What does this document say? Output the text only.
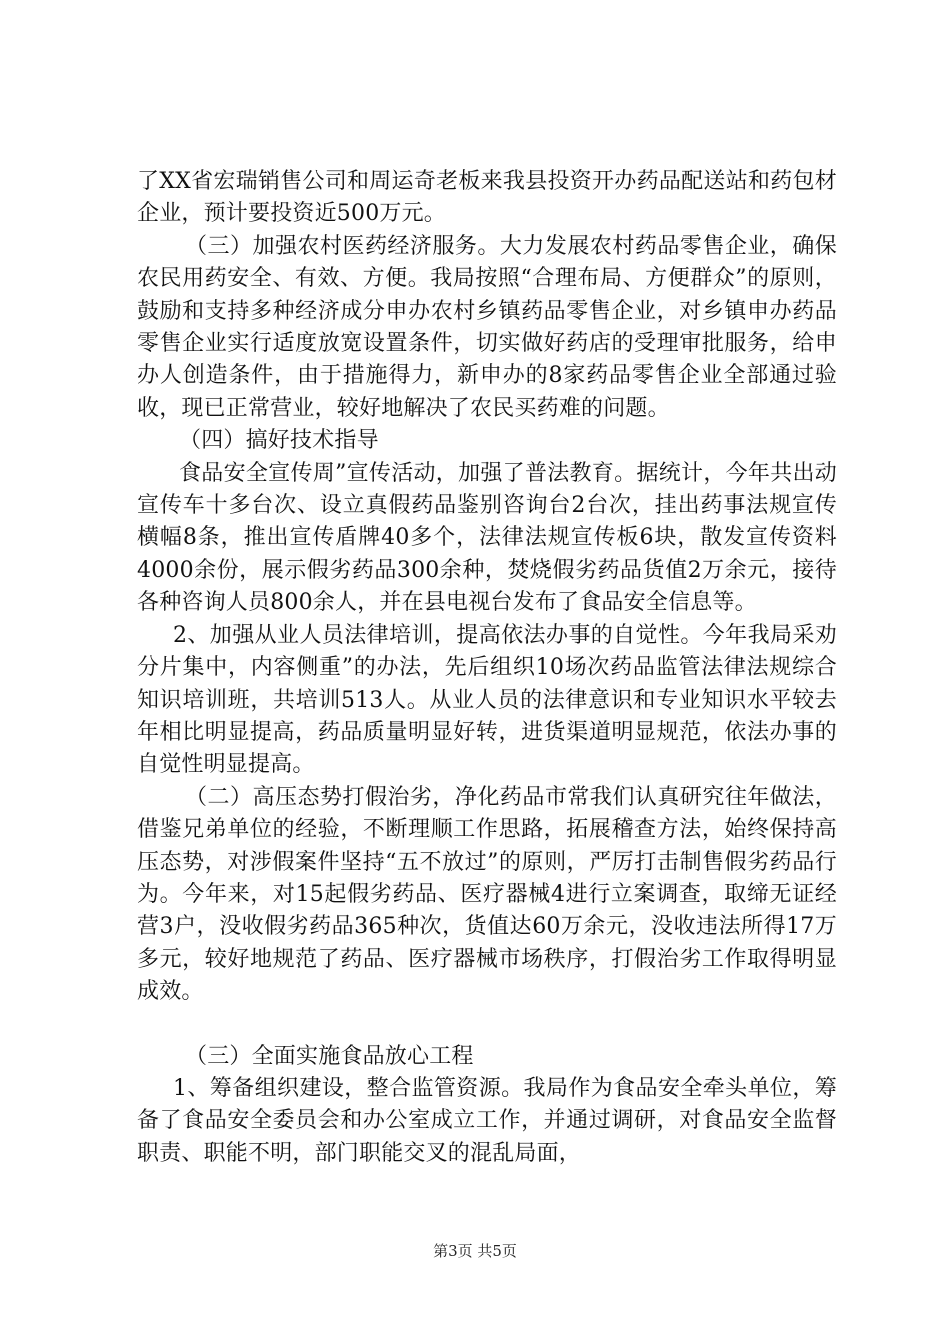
了XX省宏瑞销售公司和周运奇老板来我县投资开办药品配送站和药包材企业，预计要投资近500万元。

（三）加强农村医药经济服务。大力发展农村药品零售企业，确保农民用药安全、有效、方便。我局按照“合理布局、方便群众”的原则，鼓励和支持多种经济成分申办农村乡镇药品零售企业，对乡镇申办药品零售企业实行适度放宽设置条件，切实做好药店的受理审批服务，给申办人创造条件，由于措施得力，新申办的8家药品零售企业全部通过验收，现已正常营业，较好地解决了农民买药难的问题。

（四）搞好技术指导

食品安全宣传周”宣传活动，加强了普法教育。据统计，今年共出动宣传车十多台次、设立真假药品鉴别咨询台2台次，挂出药事法规宣传横幅8条，推出宣传盾牌40多个，法律法规宣传板6块，散发宣传资料4000余份，展示假劣药品300余种，焚烧假劣药品货值2万余元，接待各种咨询人员800余人，并在县电视台发布了食品安全信息等。

2、加强从业人员法律培训，提高依法办事的自觉性。今年我局采劝分片集中，内容侧重”的办法，先后组织10场次药品监管法律法规综合知识培训班，共培训513人。从业人员的法律意识和专业知识水平较去年相比明显提高，药品质量明显好转，进货渠道明显规范，依法办事的自觉性明显提高。

（二）高压态势打假治劣，净化药品市常我们认真研究往年做法，借鉴兄弟单位的经验，不断理顺工作思路，拓展稽查方法，始终保持高压态势，对涉假案件坚持“五不放过”的原则，严厉打击制售假劣药品行为。今年来，对15起假劣药品、医疗器械4进行立案调查，取缔无证经营3户，没收假劣药品365种次，货值达60万余元，没收违法所得17万多元，较好地规范了药品、医疗器械市场秩序，打假治劣工作取得明显成效。

（三）全面实施食品放心工程

1、筹备组织建设，整合监管资源。我局作为食品安全牵头单位，筹备了食品安全委员会和办公室成立工作，并通过调研，对食品安全监督职责、职能不明，部门职能交叉的混乱局面，

第3页 共5页
